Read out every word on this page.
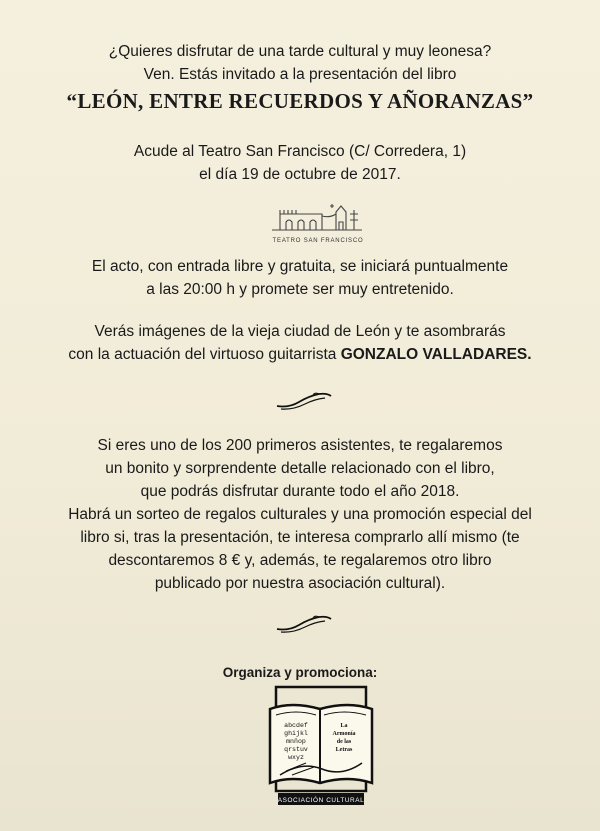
¿Quieres disfrutar de una tarde cultural y muy leonesa?
Ven. Estás invitado a la presentación del libro
“LEÓN, ENTRE RECUERDOS Y AÑORANZAS”
Acude al Teatro San Francisco (C/ Corredera, 1)
el día 19 de octubre de 2017.
TEATRO SAN FRANCISCO
El acto, con entrada libre y gratuita, se iniciará puntualmente
a las 20:00 h y promete ser muy entretenido.
Verás imágenes de la vieja ciudad de León y te asombrarás
con la actuación del virtuoso guitarrista GONZALO VALLADARES.
Si eres uno de los 200 primeros asistentes, te regalaremos
un bonito y sorprendente detalle relacionado con el libro,
que podrás disfrutar durante todo el año 2018.
Habrá un sorteo de regalos culturales y una promoción especial del
libro si, tras la presentación, te interesa comprarlo allí mismo (te
descontaremos 8 € y, además, te regalaremos otro libro
publicado por nuestra asociación cultural).
Organiza y promociona:
abcdef
ghijkl
mnñop
qrstuv
wxyz
La
Armonía
de las
Letras
ASOCIACIÓN CULTURAL
